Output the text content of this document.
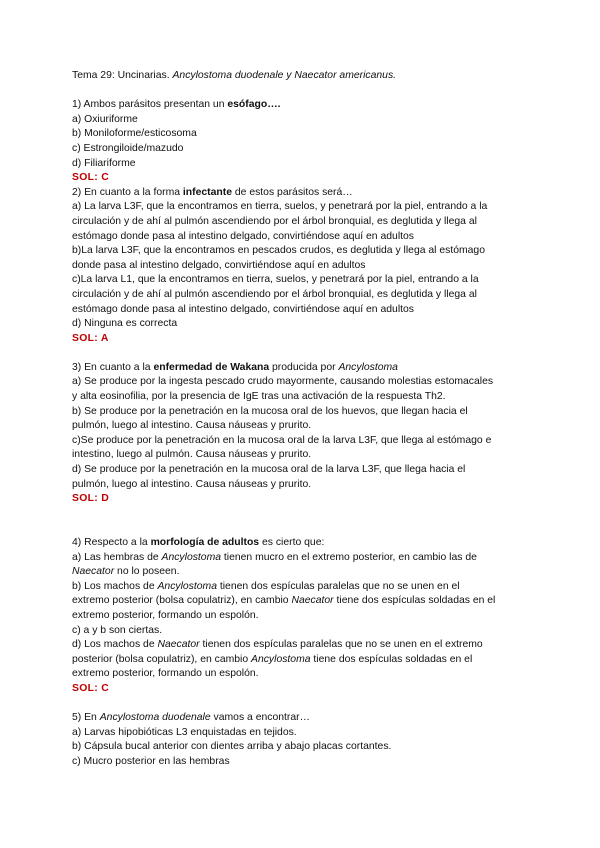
Tema 29: Uncinarias. Ancylostoma duodenale y Naecator americanus.
1) Ambos parásitos presentan un esófago….
a) Oxiuriforme
b) Moniloforme/esticosoma
c) Estrongiloide/mazudo
d) Filiariforme
SOL: C
2) En cuanto a la forma infectante de estos parásitos será…
a) La larva L3F, que la encontramos en tierra, suelos, y penetrará por la piel, entrando a la
circulación y de ahí al pulmón ascendiendo por el árbol bronquial, es deglutida y llega al
estómago donde pasa al intestino delgado, convirtiéndose aquí en adultos
b)La larva L3F, que la encontramos en pescados crudos, es deglutida y llega al estómago
donde pasa al intestino delgado, convirtiéndose aquí en adultos
c)La larva L1, que la encontramos en tierra, suelos, y penetrará por la piel, entrando a la
circulación y de ahí al pulmón ascendiendo por el árbol bronquial, es deglutida y llega al
estómago donde pasa al intestino delgado, convirtiéndose aquí en adultos
d) Ninguna es correcta
SOL: A
3) En cuanto a la enfermedad de Wakana producida por Ancylostoma
a) Se produce por la ingesta pescado crudo mayormente, causando molestias estomacales
y alta eosinofilia, por la presencia de IgE tras una activación de la respuesta Th2.
b) Se produce por la penetración en la mucosa oral de los huevos, que llegan hacia el
pulmón, luego al intestino. Causa náuseas y prurito.
c)Se produce por la penetración en la mucosa oral de la larva L3F, que llega al estómago e
intestino, luego al pulmón. Causa náuseas y prurito.
d) Se produce por la penetración en la mucosa oral de la larva L3F, que llega hacia el
pulmón, luego al intestino. Causa náuseas y prurito.
SOL: D
4) Respecto a la morfología de adultos es cierto que:
a) Las hembras de Ancylostoma tienen mucro en el extremo posterior, en cambio las de
Naecator no lo poseen.
b) Los machos de Ancylostoma tienen dos espículas paralelas que no se unen en el
extremo posterior (bolsa copulatriz), en cambio Naecator tiene dos espículas soldadas en el
extremo posterior, formando un espolón.
c) a y b son ciertas.
d) Los machos de Naecator tienen dos espículas paralelas que no se unen en el extremo
posterior (bolsa copulatriz), en cambio Ancylostoma tiene dos espículas soldadas en el
extremo posterior, formando un espolón.
SOL: C
5) En Ancylostoma duodenale vamos a encontrar…
a) Larvas hipobióticas L3 enquistadas en tejidos.
b) Cápsula bucal anterior con dientes arriba y abajo placas cortantes.
c) Mucro posterior en las hembras
